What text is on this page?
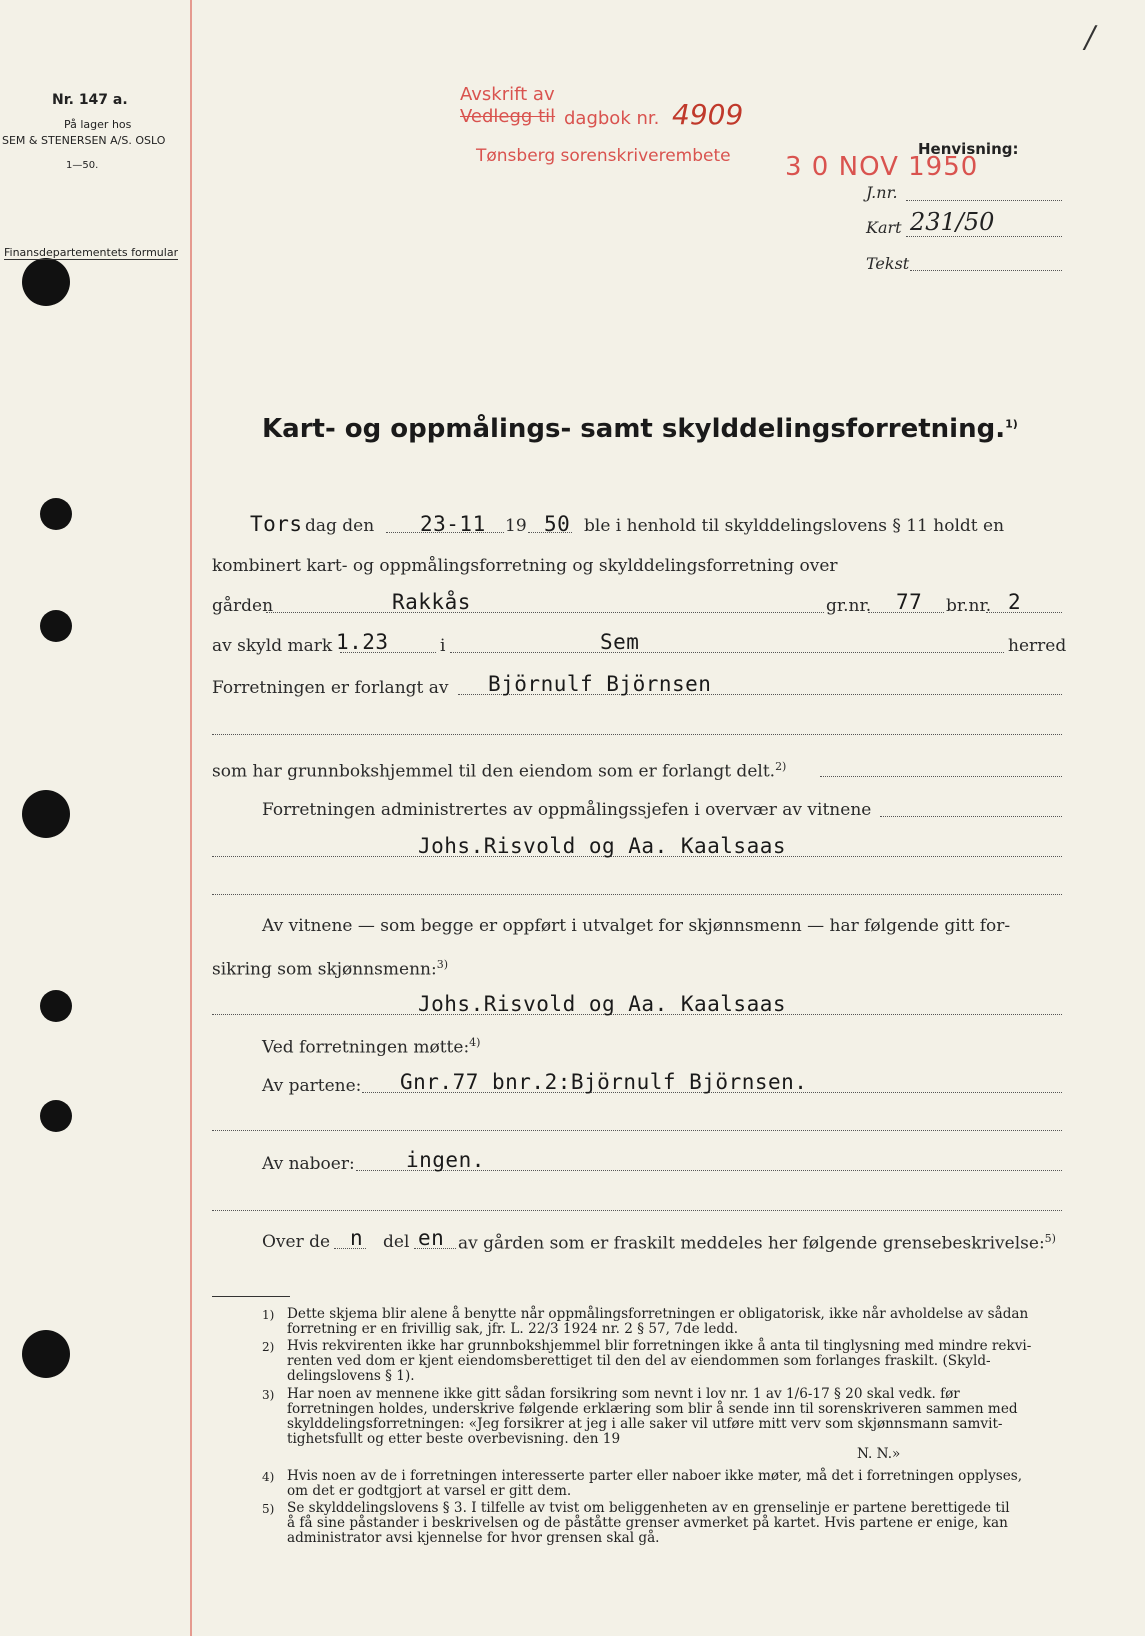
Nr. 147 a.
På lager hos
SEM & STENERSEN A/S. OSLO
1—50.
Finansdepartementets formular
Avskrift av
Vedlegg til dagbok nr. 4909
Tønsberg sorenskriverembete 3 0 NOV 1950
/
Henvisning:
J.nr.
Kart 231/50
Tekst
Kart- og oppmålings- samt skylddelingsforretning.$^{1)}$
Tors dag den 23-11 19 50 ble i henhold til skylddelingslovens § 11 holdt en
kombinert kart- og oppmålingsforretning og skylddelingsforretning over
gården	Rakkås	gr.nr. 77 br.nr. 2
av skyld mark 1.23	i	Sem	herred
Forretningen er forlangt av Björnulf Björnsen
som har grunnbokshjemmel til den eiendom som er forlangt delt.$^{2)}$
Forretningen administrertes av oppmålingssjefen i overvær av vitnene
Johs.Risvold og Aa. Kaalsaas
Av vitnene — som begge er oppført i utvalget for skjønnsmenn — har følgende gitt for-
sikring som skjønnsmenn:$^{3)}$
Johs.Risvold og Aa. Kaalsaas
Ved forretningen møtte:$^{4)}$
Av partene: Gnr.77 bnr.2:Björnulf Björnsen.
Av naboer: ingen.
Over de n del en av gården som er fraskilt meddeles her følgende grensebeskrivelse:$^{5)}$
1) Dette skjema blir alene å benytte når oppmålingsforretningen er obligatorisk, ikke når avholdelse av sådan
forretning er en frivillig sak, jfr. L. 22/3 1924 nr. 2 § 57, 7de ledd.
2) Hvis rekvirenten ikke har grunnbokshjemmel blir forretningen ikke å anta til tinglysning med mindre rekvi-
renten ved dom er kjent eiendomsberettiget til den del av eiendommen som forlanges fraskilt. (Skyld-
delingslovens § 1).
3) Har noen av mennene ikke gitt sådan forsikring som nevnt i lov nr. 1 av 1/6-17 § 20 skal vedk. før
forretningen holdes, underskrive følgende erklæring som blir å sende inn til sorenskriveren sammen med
skylddelingsforretningen: «Jeg forsikrer at jeg i alle saker vil utføre mitt verv som skjønnsmann samvit-
tighetsfullt og etter beste overbevisning. den 19
N. N.»
4) Hvis noen av de i forretningen interesserte parter eller naboer ikke møter, må det i forretningen opplyses,
om det er godtgjort at varsel er gitt dem.
5) Se skylddelingslovens § 3. I tilfelle av tvist om beliggenheten av en grenselinje er partene berettigede til
å få sine påstander i beskrivelsen og de påståtte grenser avmerket på kartet. Hvis partene er enige, kan
administrator avsi kjennelse for hvor grensen skal gå.
